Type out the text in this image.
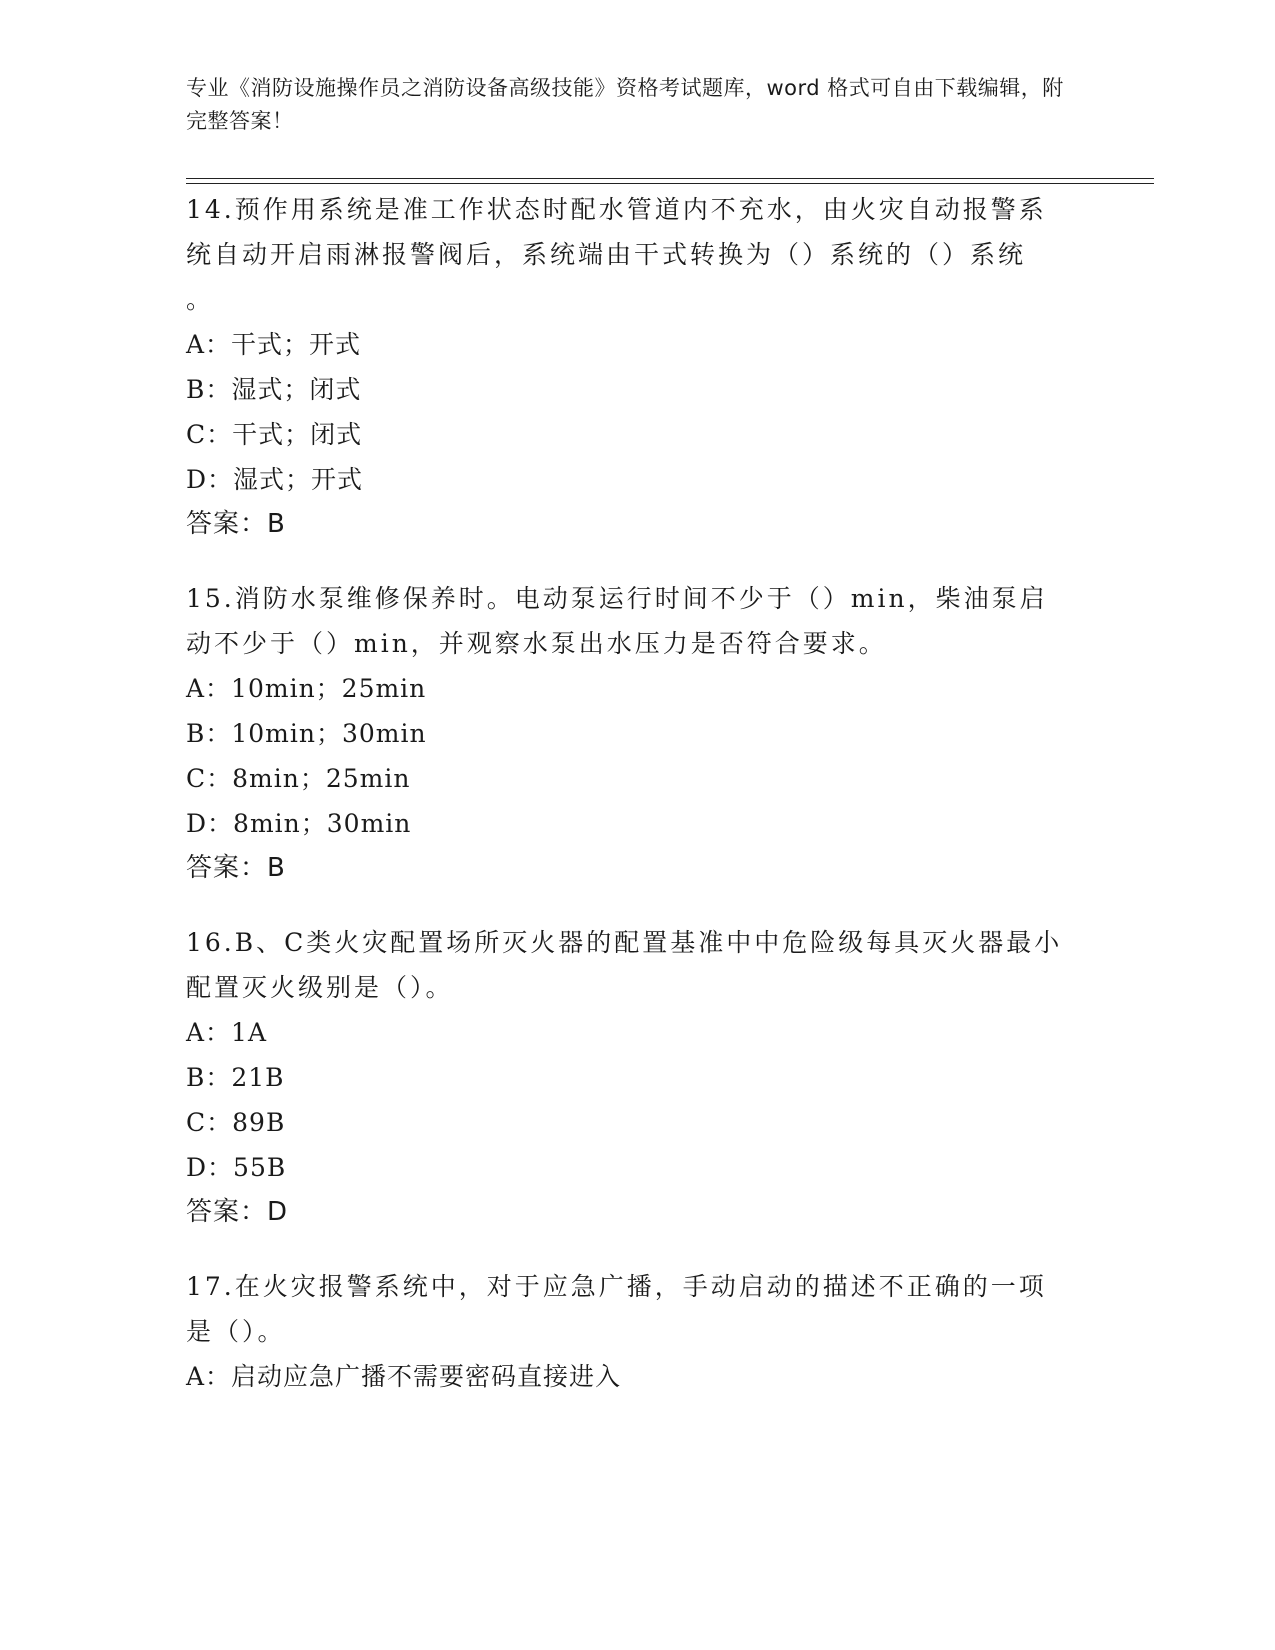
专业《消防设施操作员之消防设备高级技能》资格考试题库，word 格式可自由下载编辑，附完整答案！

14.预作用系统是准工作状态时配水管道内不充水，由火灾自动报警系

统自动开启雨淋报警阀后，系统端由干式转换为（）系统的（）系统

。

A：干式；开式

B：湿式；闭式

C：干式；闭式

D：湿式；开式

答案：B

15.消防水泵维修保养时。电动泵运行时间不少于（）min，柴油泵启

动不少于（）min，并观察水泵出水压力是否符合要求。

A：10min；25min

B：10min；30min

C：8min；25min

D：8min；30min

答案：B

16.B、C类火灾配置场所灭火器的配置基准中中危险级每具灭火器最小

配置灭火级别是（）。

A：1A

B：21B

C：89B

D：55B

答案：D

17.在火灾报警系统中，对于应急广播，手动启动的描述不正确的一项

是（）。

A：启动应急广播不需要密码直接进入
